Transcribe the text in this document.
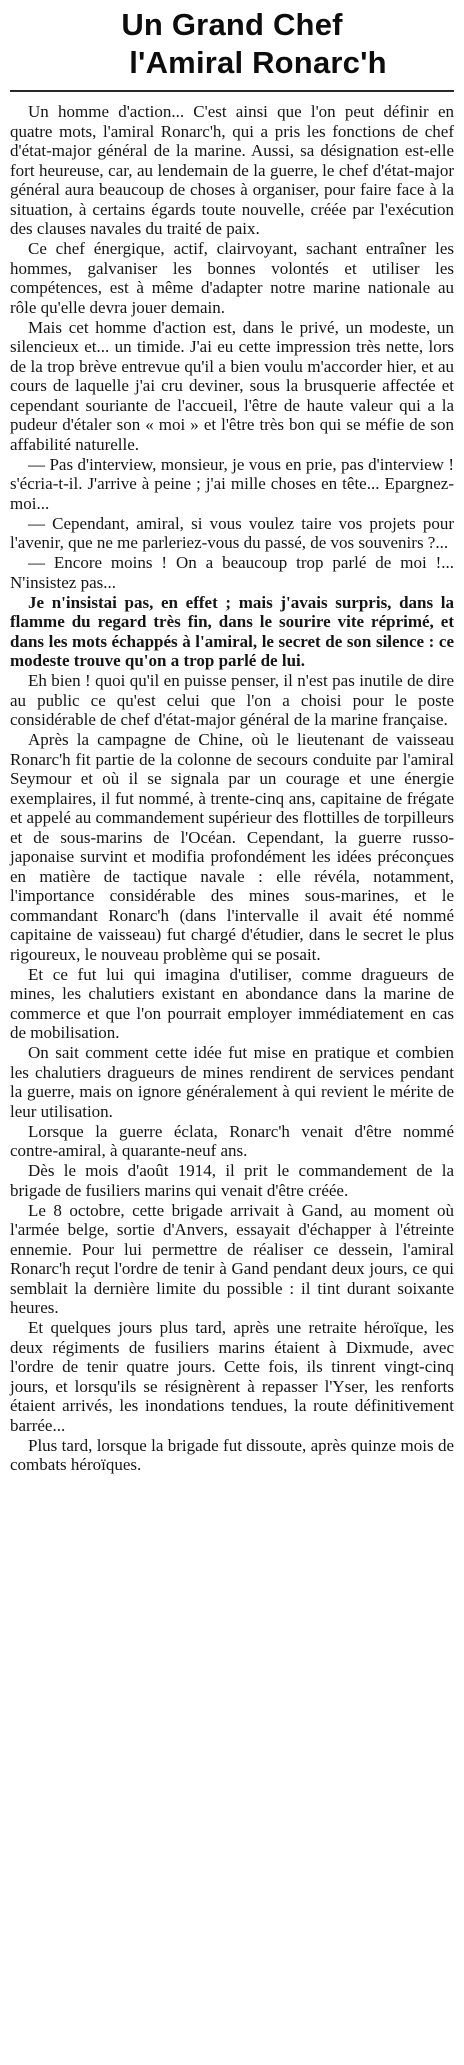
Un Grand Chef
l'Amiral Ronarc'h

Un homme d'action... C'est ainsi que l'on peut définir en quatre mots, l'amiral Ronarc'h, qui a pris les fonctions de chef d'état-major général de la marine. Aussi, sa désignation est-elle fort heureuse, car, au lendemain de la guerre, le chef d'état-major général aura beaucoup de choses à organiser, pour faire face à la situation, à certains égards toute nouvelle, créée par l'exécution des clauses navales du traité de paix.

Ce chef énergique, actif, clairvoyant, sachant entraîner les hommes, galvaniser les bonnes volontés et utiliser les compétences, est à même d'adapter notre marine nationale au rôle qu'elle devra jouer demain.

Mais cet homme d'action est, dans le privé, un modeste, un silencieux et... un timide. J'ai eu cette impression très nette, lors de la trop brève entrevue qu'il a bien voulu m'accorder hier, et au cours de laquelle j'ai cru deviner, sous la brusquerie affectée et cependant souriante de l'accueil, l'être de haute valeur qui a la pudeur d'étaler son « moi » et l'être très bon qui se méfie de son affabilité naturelle.

— Pas d'interview, monsieur, je vous en prie, pas d'interview ! s'écria-t-il. J'arrive à peine ; j'ai mille choses en tête... Epargnez-moi...

— Cependant, amiral, si vous voulez taire vos projets pour l'avenir, que ne me parleriez-vous du passé, de vos souvenirs ?...

— Encore moins ! On a beaucoup trop parlé de moi !... N'insistez pas...

Je n'insistai pas, en effet ; mais j'avais surpris, dans la flamme du regard très fin, dans le sourire vite réprimé, et dans les mots échappés à l'amiral, le secret de son silence : ce modeste trouve qu'on a trop parlé de lui.

Eh bien ! quoi qu'il en puisse penser, il n'est pas inutile de dire au public ce qu'est celui que l'on a choisi pour le poste considérable de chef d'état-major général de la marine française.

Après la campagne de Chine, où le lieutenant de vaisseau Ronarc'h fit partie de la colonne de secours conduite par l'amiral Seymour et où il se signala par un courage et une énergie exemplaires, il fut nommé, à trente-cinq ans, capitaine de frégate et appelé au commandement supérieur des flottilles de torpilleurs et de sous-marins de l'Océan. Cependant, la guerre russo-japonaise survint et modifia profondément les idées préconçues en matière de tactique navale : elle révéla, notamment, l'importance considérable des mines sous-marines, et le commandant Ronarc'h (dans l'intervalle il avait été nommé capitaine de vaisseau) fut chargé d'étudier, dans le secret le plus rigoureux, le nouveau problème qui se posait.

Et ce fut lui qui imagina d'utiliser, comme dragueurs de mines, les chalutiers existant en abondance dans la marine de commerce et que l'on pourrait employer immédiatement en cas de mobilisation.

On sait comment cette idée fut mise en pratique et combien les chalutiers dragueurs de mines rendirent de services pendant la guerre, mais on ignore généralement à qui revient le mérite de leur utilisation.

Lorsque la guerre éclata, Ronarc'h venait d'être nommé contre-amiral, à quarante-neuf ans.

Dès le mois d'août 1914, il prit le commandement de la brigade de fusiliers marins qui venait d'être créée.

Le 8 octobre, cette brigade arrivait à Gand, au moment où l'armée belge, sortie d'Anvers, essayait d'échapper à l'étreinte ennemie. Pour lui permettre de réaliser ce dessein, l'amiral Ronarc'h reçut l'ordre de tenir à Gand pendant deux jours, ce qui semblait la dernière limite du possible : il tint durant soixante heures.

Et quelques jours plus tard, après une retraite héroïque, les deux régiments de fusiliers marins étaient à Dixmude, avec l'ordre de tenir quatre jours. Cette fois, ils tinrent vingt-cinq jours, et lorsqu'ils se résignèrent à repasser l'Yser, les renforts étaient arrivés, les inondations tendues, la route définitivement barrée...

Plus tard, lorsque la brigade fut dissoute, après quinze mois de combats héroïques.
